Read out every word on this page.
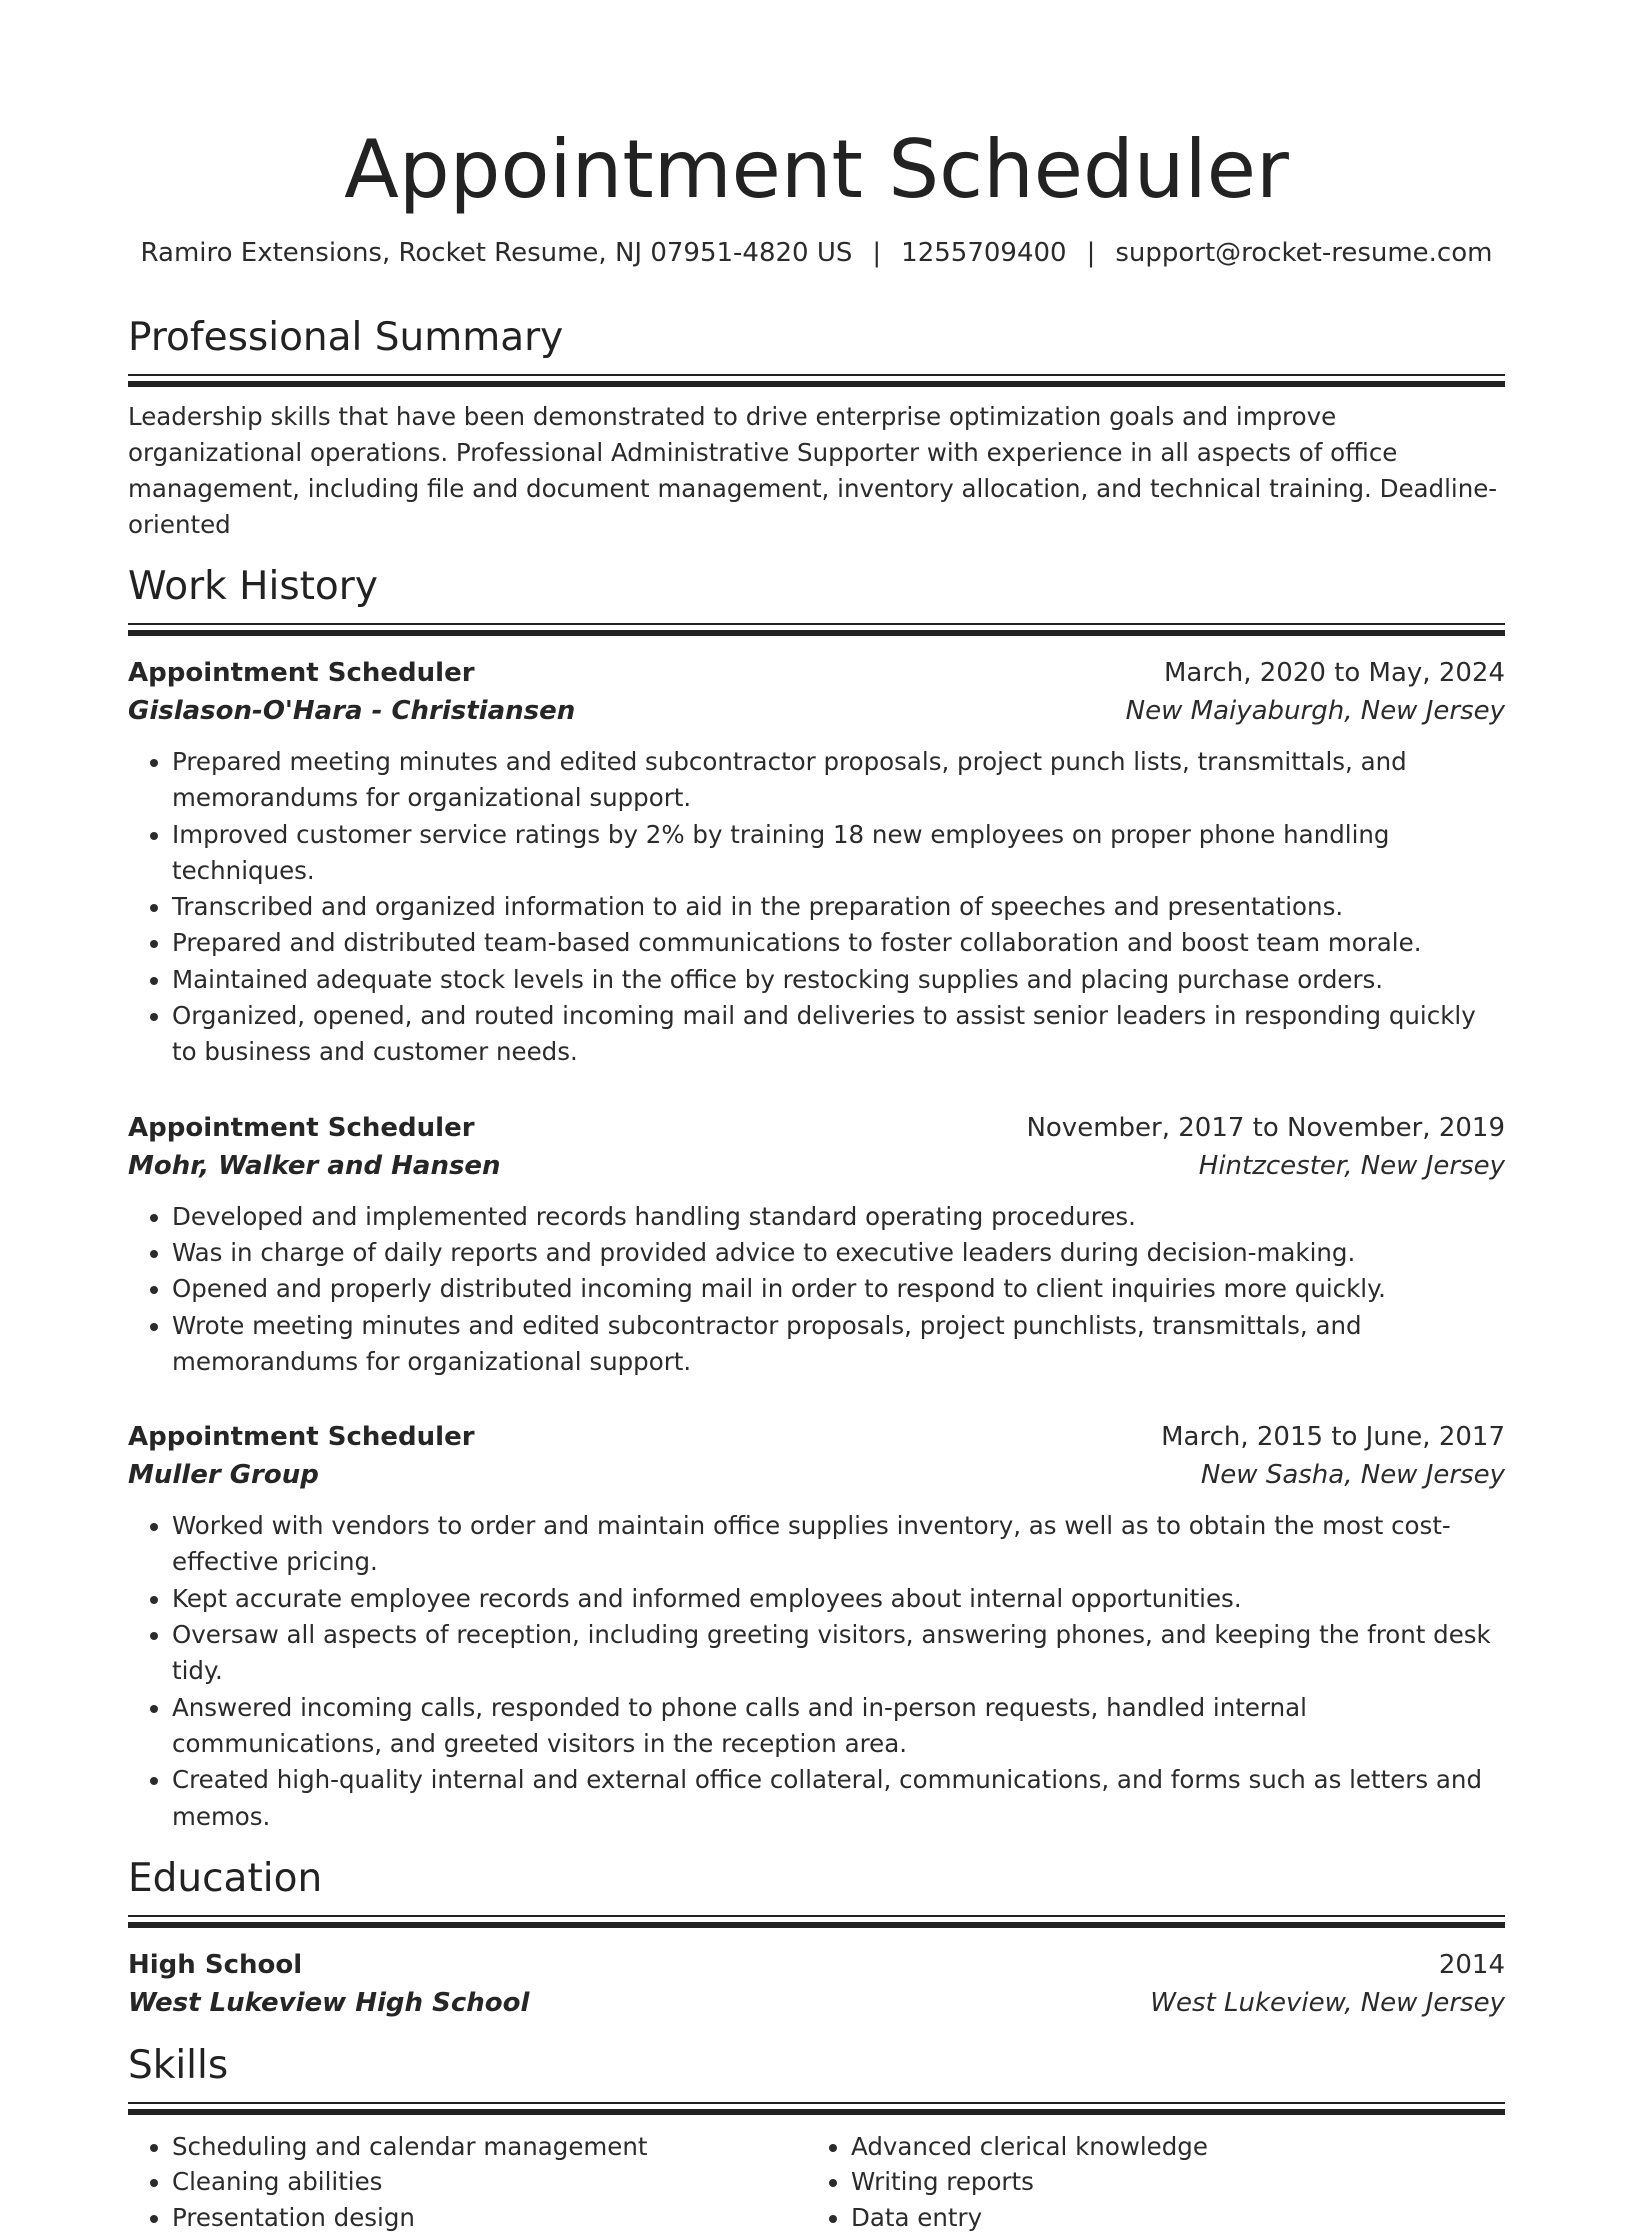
Appointment Scheduler
Ramiro Extensions, Rocket Resume, NJ 07951-4820 US | 1255709400 | support@rocket-resume.com
Professional Summary

Leadership skills that have been demonstrated to drive enterprise optimization goals and improve organizational operations. Professional Administrative Supporter with experience in all aspects of office management, including file and document management, inventory allocation, and technical training. Deadline-oriented

Work History
Appointment Scheduler	March, 2020 to May, 2024
Gislason-O'Hara - Christiansen	New Maiyaburgh, New Jersey
• Prepared meeting minutes and edited subcontractor proposals, project punch lists, transmittals, and memorandums for organizational support.
• Improved customer service ratings by 2% by training 18 new employees on proper phone handling techniques.
• Transcribed and organized information to aid in the preparation of speeches and presentations.
• Prepared and distributed team-based communications to foster collaboration and boost team morale.
• Maintained adequate stock levels in the office by restocking supplies and placing purchase orders.
• Organized, opened, and routed incoming mail and deliveries to assist senior leaders in responding quickly to business and customer needs.
Appointment Scheduler	November, 2017 to November, 2019
Mohr, Walker and Hansen	Hintzcester, New Jersey
• Developed and implemented records handling standard operating procedures.
• Was in charge of daily reports and provided advice to executive leaders during decision-making.
• Opened and properly distributed incoming mail in order to respond to client inquiries more quickly.
• Wrote meeting minutes and edited subcontractor proposals, project punchlists, transmittals, and memorandums for organizational support.
Appointment Scheduler	March, 2015 to June, 2017
Muller Group	New Sasha, New Jersey
• Worked with vendors to order and maintain office supplies inventory, as well as to obtain the most cost-effective pricing.
• Kept accurate employee records and informed employees about internal opportunities.
• Oversaw all aspects of reception, including greeting visitors, answering phones, and keeping the front desk tidy.
• Answered incoming calls, responded to phone calls and in-person requests, handled internal communications, and greeted visitors in the reception area.
• Created high-quality internal and external office collateral, communications, and forms such as letters and memos.
Education
High School	2014
West Lukeview High School	West Lukeview, New Jersey
Skills
• Scheduling and calendar management
• Cleaning abilities
• Presentation design
• Advanced clerical knowledge
• Writing reports
• Data entry
